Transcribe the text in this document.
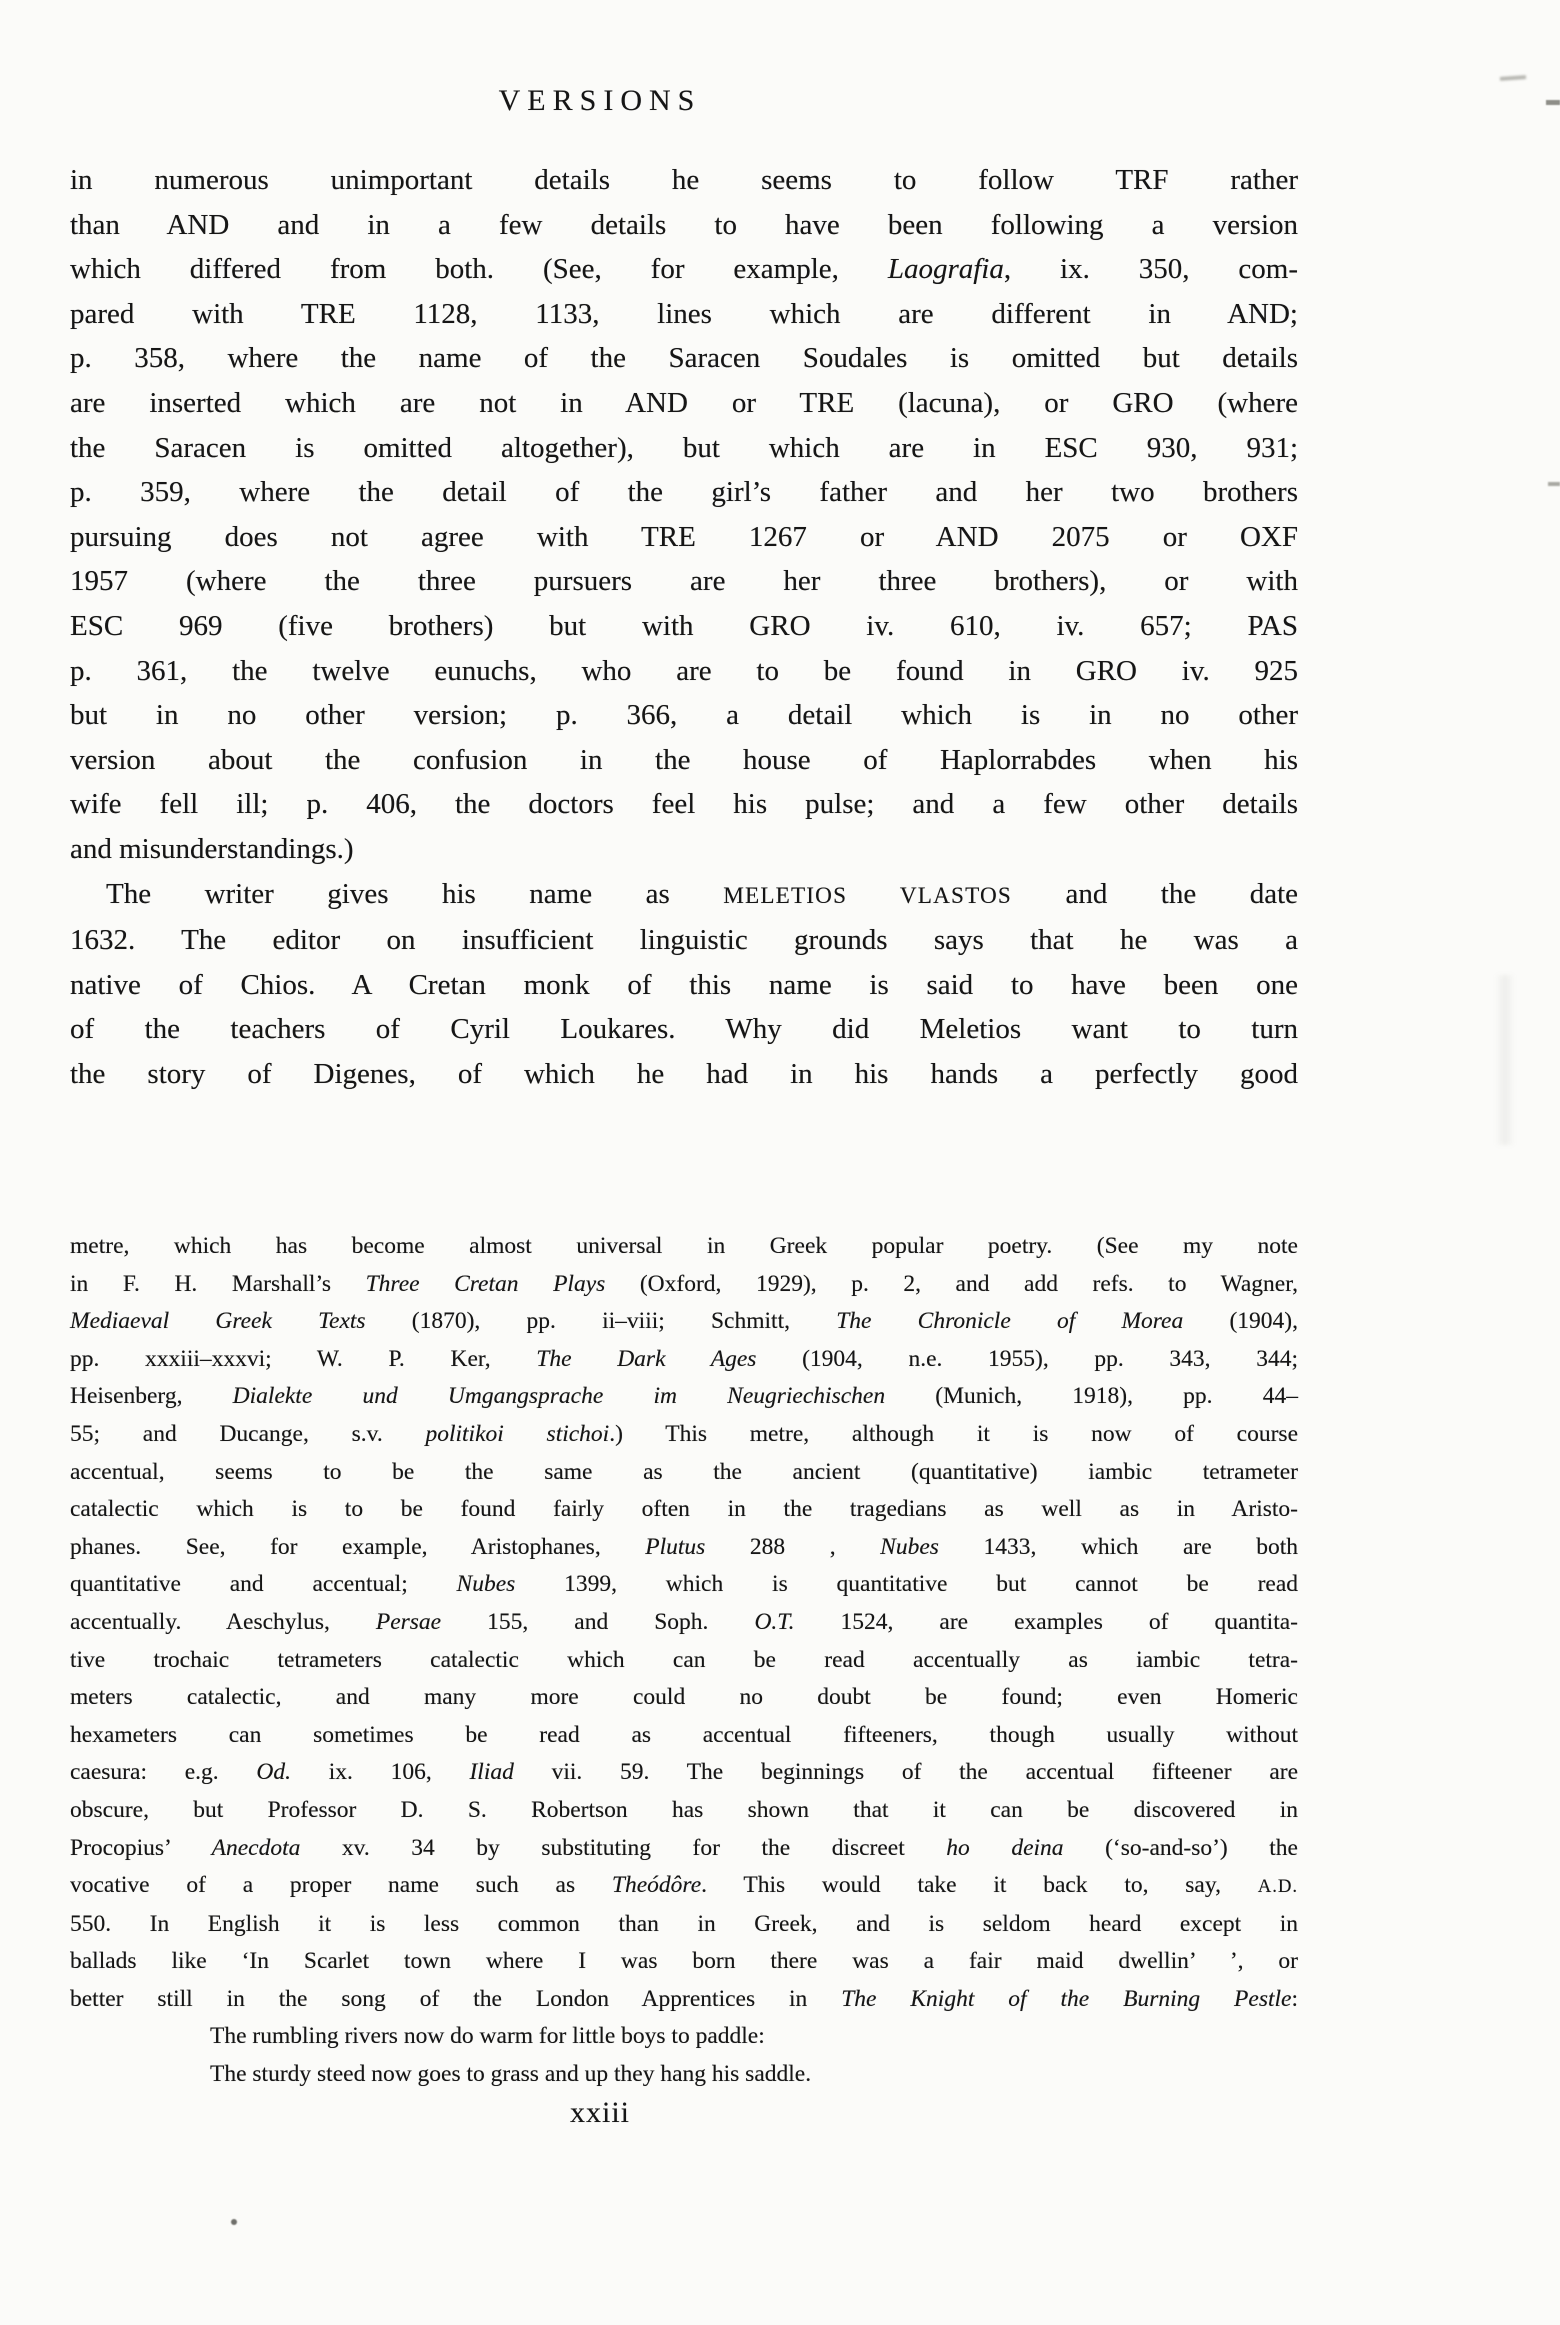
VERSIONS
in numerous unimportant details he seems to follow TRF rather
than AND and in a few details to have been following a version
which differed from both. (See, for example, Laografia, ix. 350, com-
pared with TRE 1128, 1133, lines which are different in AND;
p. 358, where the name of the Saracen Soudales is omitted but details
are inserted which are not in AND or TRE (lacuna), or GRO (where
the Saracen is omitted altogether), but which are in ESC 930, 931;
p. 359, where the detail of the girl’s father and her two brothers
pursuing does not agree with TRE 1267 or AND 2075 or OXF
1957 (where the three pursuers are her three brothers), or with
ESC 969 (five brothers) but with GRO iv. 610, iv. 657; PAS
p. 361, the twelve eunuchs, who are to be found in GRO iv. 925
but in no other version; p. 366, a detail which is in no other
version about the confusion in the house of Haplorrabdes when his
wife fell ill; p. 406, the doctors feel his pulse; and a few other details
and misunderstandings.)
The writer gives his name as MELETIOS VLASTOS and the date
1632. The editor on insufficient linguistic grounds says that he was a
native of Chios. A Cretan monk of this name is said to have been one
of the teachers of Cyril Loukares. Why did Meletios want to turn
the story of Digenes, of which he had in his hands a perfectly good
metre, which has become almost universal in Greek popular poetry. (See my note
in F. H. Marshall’s Three Cretan Plays (Oxford, 1929), p. 2, and add refs. to Wagner,
Mediaeval Greek Texts (1870), pp. ii–viii; Schmitt, The Chronicle of Morea (1904),
pp. xxxiii–xxxvi; W. P. Ker, The Dark Ages (1904, n.e. 1955), pp. 343, 344;
Heisenberg, Dialekte und Umgangsprache im Neugriechischen (Munich, 1918), pp. 44–
55; and Ducange, s.v. politikoi stichoi.) This metre, although it is now of course
accentual, seems to be the same as the ancient (quantitative) iambic tetrameter
catalectic which is to be found fairly often in the tragedians as well as in Aristo-
phanes. See, for example, Aristophanes, Plutus 288 , Nubes 1433, which are both
quantitative and accentual; Nubes 1399, which is quantitative but cannot be read
accentually. Aeschylus, Persae 155, and Soph. O.T. 1524, are examples of quantita-
tive trochaic tetrameters catalectic which can be read accentually as iambic tetra-
meters catalectic, and many more could no doubt be found; even Homeric
hexameters can sometimes be read as accentual fifteeners, though usually without
caesura: e.g. Od. ix. 106, Iliad vii. 59. The beginnings of the accentual fifteener are
obscure, but Professor D. S. Robertson has shown that it can be discovered in
Procopius’ Anecdota xv. 34 by substituting for the discreet ho deina (‘so-and-so’) the
vocative of a proper name such as Theódôre. This would take it back to, say, A.D.
550. In English it is less common than in Greek, and is seldom heard except in
ballads like ‘In Scarlet town where I was born there was a fair maid dwellin’ ’, or
better still in the song of the London Apprentices in The Knight of the Burning Pestle:
The rumbling rivers now do warm for little boys to paddle:
The sturdy steed now goes to grass and up they hang his saddle.
xxiii
